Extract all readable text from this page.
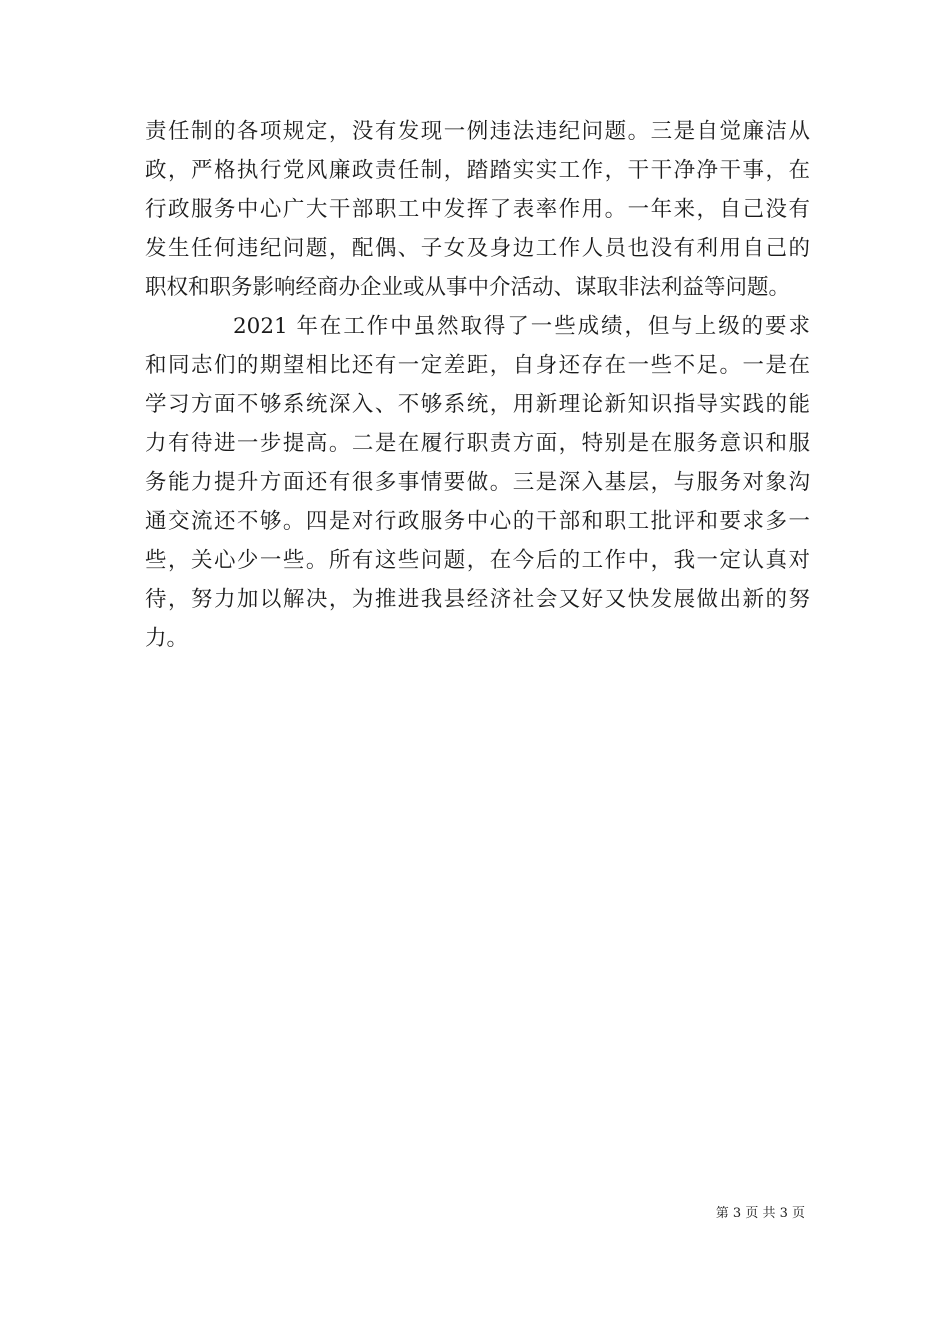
责任制的各项规定，没有发现一例违法违纪问题。三是自觉廉洁从
政，严格执行党风廉政责任制，踏踏实实工作，干干净净干事，在
行政服务中心广大干部职工中发挥了表率作用。一年来，自己没有
发生任何违纪问题，配偶、子女及身边工作人员也没有利用自己的
职权和职务影响经商办企业或从事中介活动、谋取非法利益等问题。
2021 年在工作中虽然取得了一些成绩，但与上级的要求
和同志们的期望相比还有一定差距，自身还存在一些不足。一是在
学习方面不够系统深入、不够系统，用新理论新知识指导实践的能
力有待进一步提高。二是在履行职责方面，特别是在服务意识和服
务能力提升方面还有很多事情要做。三是深入基层，与服务对象沟
通交流还不够。四是对行政服务中心的干部和职工批评和要求多一
些，关心少一些。所有这些问题，在今后的工作中，我一定认真对
待，努力加以解决，为推进我县经济社会又好又快发展做出新的努
力。
第 3 页 共 3 页
